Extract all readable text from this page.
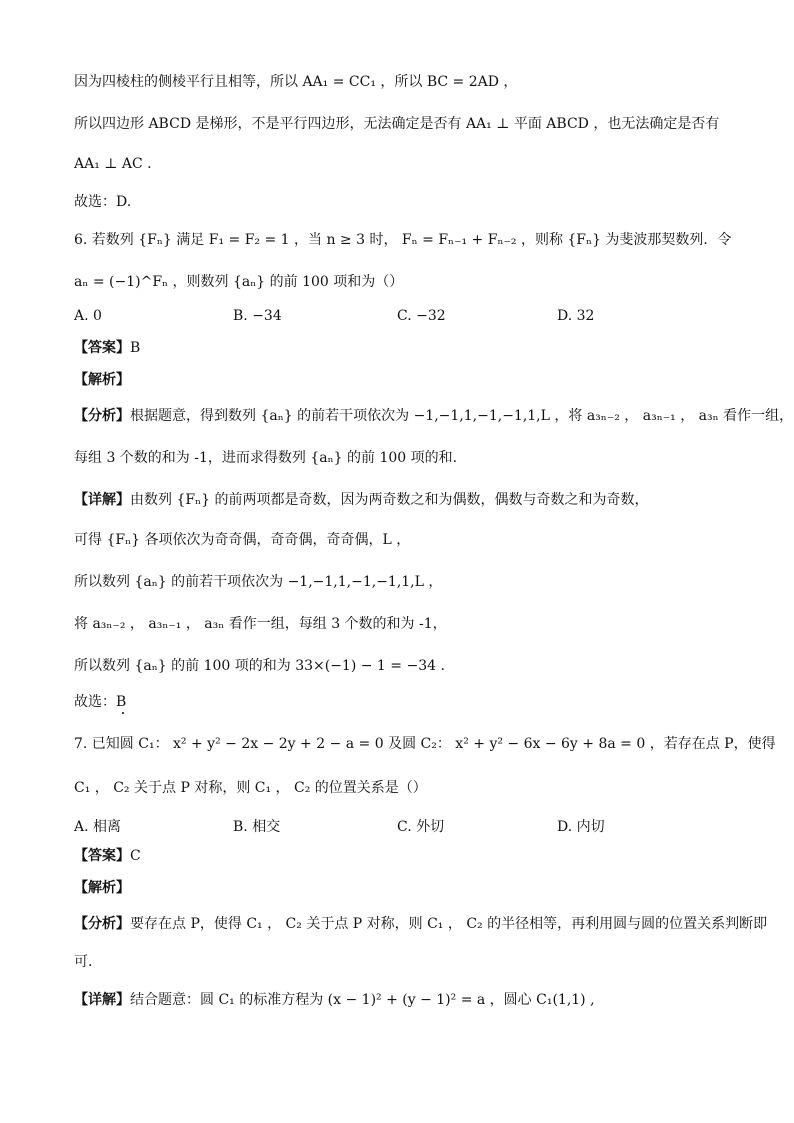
因为四棱柱的侧棱平行且相等，所以 AA₁ = CC₁ ，所以 BC = 2AD ，
所以四边形 ABCD 是梯形，不是平行四边形，无法确定是否有 AA₁ ⊥ 平面 ABCD ，也无法确定是否有
AA₁ ⊥ AC .
故选：D.
6. 若数列 {Fₙ} 满足 F₁ = F₂ = 1 ，当 n ≥ 3 时， Fₙ = Fₙ₋₁ + Fₙ₋₂ ，则称 {Fₙ} 为斐波那契数列．令
aₙ = (−1)^Fₙ ，则数列 {aₙ} 的前 100 项和为（）
A. 0	B. −34	C. −32	D. 32
【答案】B
【解析】
【分析】根据题意，得到数列 {aₙ} 的前若干项依次为 −1,−1,1,−1,−1,1,L ，将 a₃ₙ₋₂ ， a₃ₙ₋₁ ， a₃ₙ 看作一组，
每组 3 个数的和为 -1，进而求得数列 {aₙ} 的前 100 项的和.
【详解】由数列 {Fₙ} 的前两项都是奇数，因为两奇数之和为偶数，偶数与奇数之和为奇数，
可得 {Fₙ} 各项依次为奇奇偶，奇奇偶，奇奇偶，L ，
所以数列 {aₙ} 的前若干项依次为 −1,−1,1,−1,−1,1,L ，
将 a₃ₙ₋₂ ， a₃ₙ₋₁ ， a₃ₙ 看作一组，每组 3 个数的和为 -1，
所以数列 {aₙ} 的前 100 项的和为 33×(−1) − 1 = −34 .
故选：B
7. 已知圆 C₁： x² + y² − 2x − 2y + 2 − a = 0 及圆 C₂： x² + y² − 6x − 6y + 8a = 0 ，若存在点 P，使得
C₁ ， C₂ 关于点 P 对称，则 C₁ ， C₂ 的位置关系是（）
A. 相离	B. 相交	C. 外切	D. 内切
【答案】C
【解析】
【分析】要存在点 P，使得 C₁ ， C₂ 关于点 P 对称，则 C₁ ， C₂ 的半径相等，再利用圆与圆的位置关系判断即
可.
【详解】结合题意：圆 C₁ 的标准方程为 (x − 1)² + (y − 1)² = a ，圆心 C₁(1,1) ,
